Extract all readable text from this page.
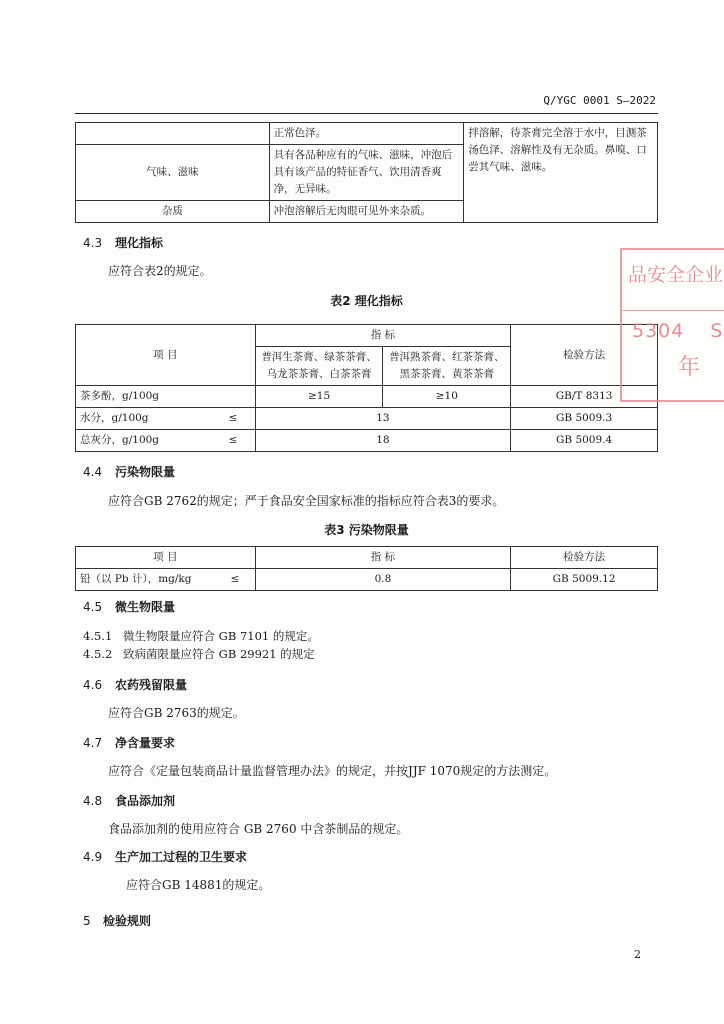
Q/YGC 0001 S—2022
	正常色泽。	拌溶解，待茶膏完全溶于水中，目测茶汤色泽、溶解性及有无杂质。鼻嗅、口尝其气味、滋味。
气味、滋味	具有各品种应有的气味、滋味，冲泡后具有该产品的特征香气、饮用清香爽净，无异味。	
杂质	冲泡溶解后无肉眼可见外来杂质。	
4.3 理化指标
应符合表2的规定。
表2 理化指标
项 目		指 标		检验方法
		普洱生茶膏、绿茶茶膏、乌龙茶茶膏、白茶茶膏	普洱熟茶膏、红茶茶膏、黑茶茶膏、黄茶茶膏	
茶多酚，g/100g		≥15	≥10	GB/T 8313
水分，g/100g	≤	13		GB 5009.3
总灰分，g/100g	≤	18		GB 5009.4
4.4 污染物限量
应符合GB 2762的规定；严于食品安全国家标准的指标应符合表3的要求。
表3 污染物限量
项 目		指 标	检验方法
铅（以 Pb 计），mg/kg	≤	0.8	GB 5009.12
4.5 微生物限量
4.5.1 微生物限量应符合 GB 7101 的规定。
4.5.2 致病菌限量应符合 GB 29921 的规定
4.6 农药残留限量
应符合GB 2763的规定。
4.7 净含量要求
应符合《定量包装商品计量监督管理办法》的规定，并按JJF 1070规定的方法测定。
4.8 食品添加剂
食品添加剂的使用应符合 GB 2760 中含茶制品的规定。
4.9 生产加工过程的卫生要求
应符合GB 14881的规定。
5 检验规则
2
品安全企业
5304 S
年
